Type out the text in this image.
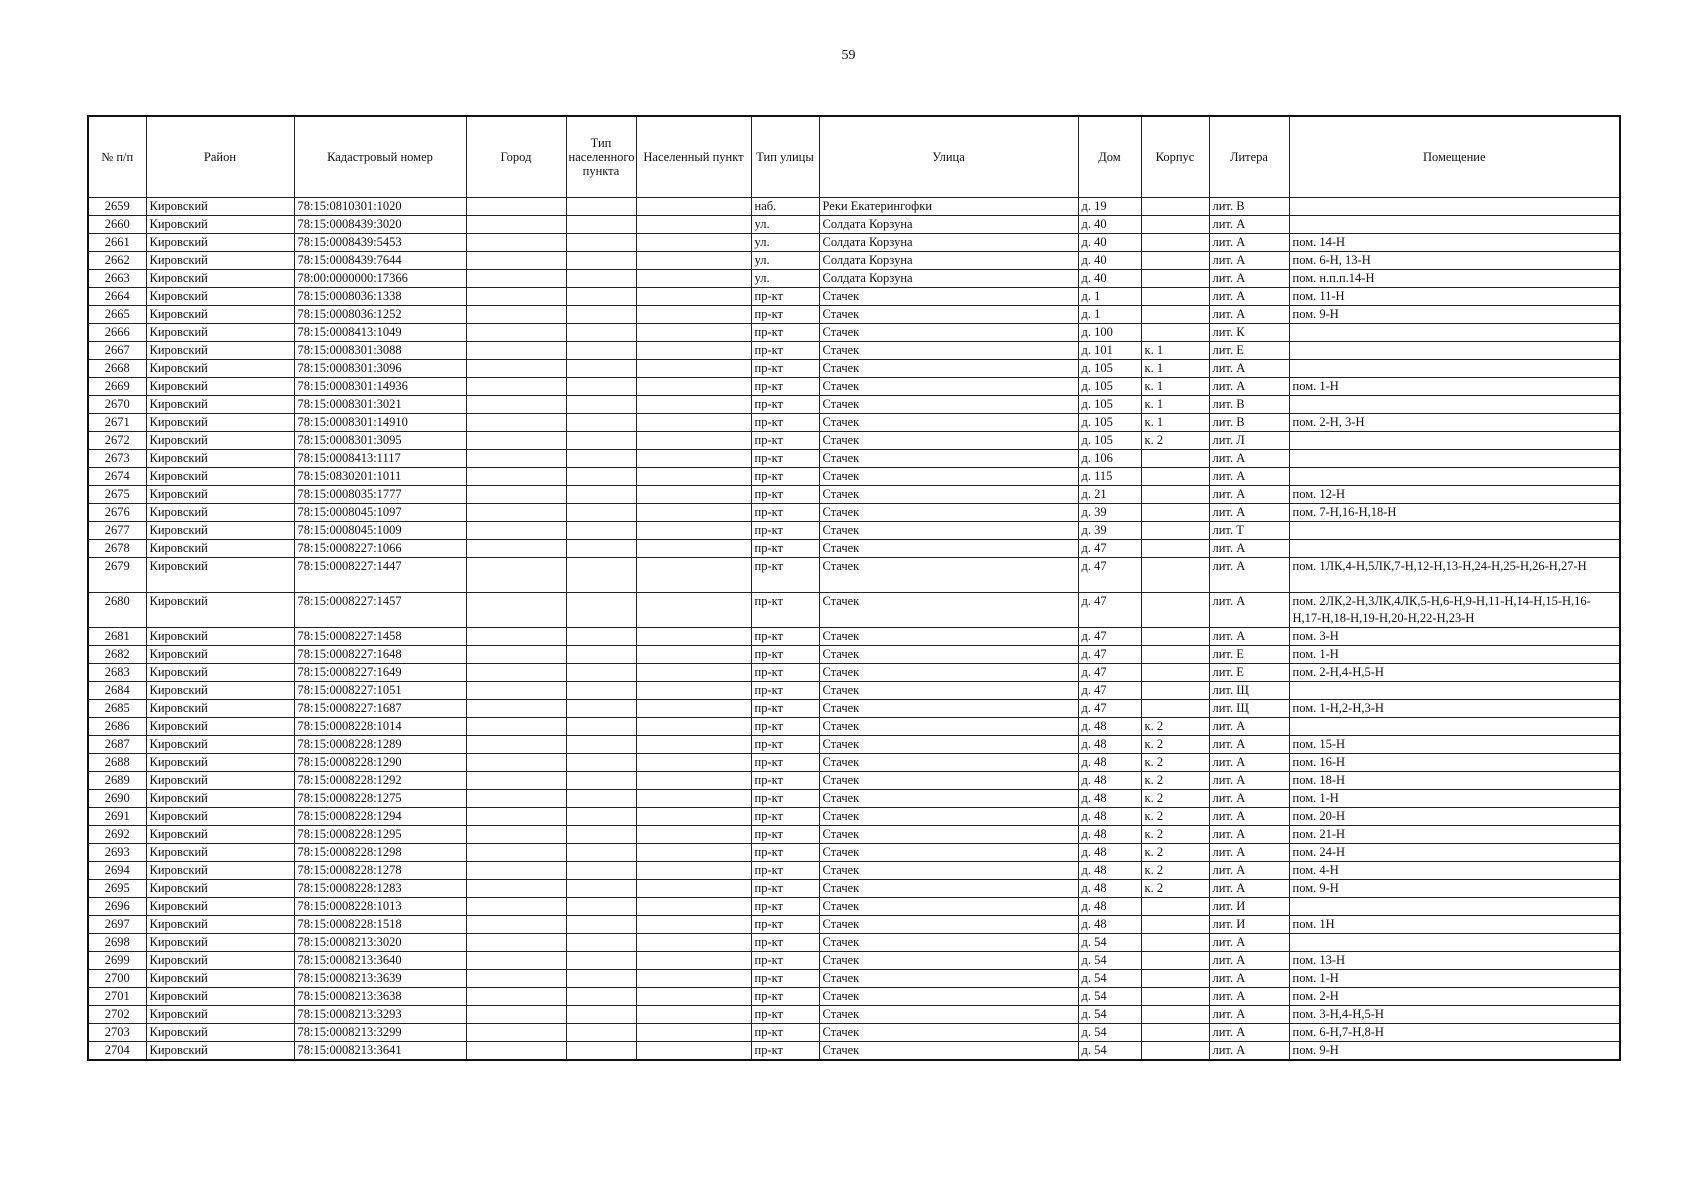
59
№ п/п	Район	Кадастровый номер	Город	Тип населенного пункта	Населенный пункт	Тип улицы	Улица	Дом	Корпус	Литера	Помещение
2659	Кировский	78:15:0810301:1020				наб.	Реки Екатерингофки	д. 19		лит. В	
2660	Кировский	78:15:0008439:3020				ул.	Солдата Корзуна	д. 40		лит. А	
2661	Кировский	78:15:0008439:5453				ул.	Солдата Корзуна	д. 40		лит. А	пом. 14-Н
2662	Кировский	78:15:0008439:7644				ул.	Солдата Корзуна	д. 40		лит. А	пом. 6-Н, 13-Н
2663	Кировский	78:00:0000000:17366				ул.	Солдата Корзуна	д. 40		лит. А	пом. н.п.п.14-Н
2664	Кировский	78:15:0008036:1338				пр-кт	Стачек	д. 1		лит. А	пом. 11-Н
2665	Кировский	78:15:0008036:1252				пр-кт	Стачек	д. 1		лит. А	пом. 9-Н
2666	Кировский	78:15:0008413:1049				пр-кт	Стачек	д. 100		лит. К	
2667	Кировский	78:15:0008301:3088				пр-кт	Стачек	д. 101	к. 1	лит. Е	
2668	Кировский	78:15:0008301:3096				пр-кт	Стачек	д. 105	к. 1	лит. А	
2669	Кировский	78:15:0008301:14936				пр-кт	Стачек	д. 105	к. 1	лит. А	пом. 1-Н
2670	Кировский	78:15:0008301:3021				пр-кт	Стачек	д. 105	к. 1	лит. В	
2671	Кировский	78:15:0008301:14910				пр-кт	Стачек	д. 105	к. 1	лит. В	пом. 2-Н, 3-Н
2672	Кировский	78:15:0008301:3095				пр-кт	Стачек	д. 105	к. 2	лит. Л	
2673	Кировский	78:15:0008413:1117				пр-кт	Стачек	д. 106		лит. А	
2674	Кировский	78:15:0830201:1011				пр-кт	Стачек	д. 115		лит. А	
2675	Кировский	78:15:0008035:1777				пр-кт	Стачек	д. 21		лит. А	пом. 12-Н
2676	Кировский	78:15:0008045:1097				пр-кт	Стачек	д. 39		лит. А	пом. 7-Н,16-Н,18-Н
2677	Кировский	78:15:0008045:1009				пр-кт	Стачек	д. 39		лит. Т	
2678	Кировский	78:15:0008227:1066				пр-кт	Стачек	д. 47		лит. А	
2679	Кировский	78:15:0008227:1447				пр-кт	Стачек	д. 47		лит. А	пом. 1ЛК,4-Н,5ЛК,7-Н,12-Н,13-Н,24-Н,25-Н,26-Н,27-Н
2680	Кировский	78:15:0008227:1457				пр-кт	Стачек	д. 47		лит. А	пом. 2ЛК,2-Н,3ЛК,4ЛК,5-Н,6-Н,9-Н,11-Н,14-Н,15-Н,16-Н,17-Н,18-Н,19-Н,20-Н,22-Н,23-Н
2681	Кировский	78:15:0008227:1458				пр-кт	Стачек	д. 47		лит. А	пом. 3-Н
2682	Кировский	78:15:0008227:1648				пр-кт	Стачек	д. 47		лит. Е	пом. 1-Н
2683	Кировский	78:15:0008227:1649				пр-кт	Стачек	д. 47		лит. Е	пом. 2-Н,4-Н,5-Н
2684	Кировский	78:15:0008227:1051				пр-кт	Стачек	д. 47		лит. Щ	
2685	Кировский	78:15:0008227:1687				пр-кт	Стачек	д. 47		лит. Щ	пом. 1-Н,2-Н,3-Н
2686	Кировский	78:15:0008228:1014				пр-кт	Стачек	д. 48	к. 2	лит. А	
2687	Кировский	78:15:0008228:1289				пр-кт	Стачек	д. 48	к. 2	лит. А	пом. 15-Н
2688	Кировский	78:15:0008228:1290				пр-кт	Стачек	д. 48	к. 2	лит. А	пом. 16-Н
2689	Кировский	78:15:0008228:1292				пр-кт	Стачек	д. 48	к. 2	лит. А	пом. 18-Н
2690	Кировский	78:15:0008228:1275				пр-кт	Стачек	д. 48	к. 2	лит. А	пом. 1-Н
2691	Кировский	78:15:0008228:1294				пр-кт	Стачек	д. 48	к. 2	лит. А	пом. 20-Н
2692	Кировский	78:15:0008228:1295				пр-кт	Стачек	д. 48	к. 2	лит. А	пом. 21-Н
2693	Кировский	78:15:0008228:1298				пр-кт	Стачек	д. 48	к. 2	лит. А	пом. 24-Н
2694	Кировский	78:15:0008228:1278				пр-кт	Стачек	д. 48	к. 2	лит. А	пом. 4-Н
2695	Кировский	78:15:0008228:1283				пр-кт	Стачек	д. 48	к. 2	лит. А	пом. 9-Н
2696	Кировский	78:15:0008228:1013				пр-кт	Стачек	д. 48		лит. И	
2697	Кировский	78:15:0008228:1518				пр-кт	Стачек	д. 48		лит. И	пом. 1Н
2698	Кировский	78:15:0008213:3020				пр-кт	Стачек	д. 54		лит. А	
2699	Кировский	78:15:0008213:3640				пр-кт	Стачек	д. 54		лит. А	пом. 13-Н
2700	Кировский	78:15:0008213:3639				пр-кт	Стачек	д. 54		лит. А	пом. 1-Н
2701	Кировский	78:15:0008213:3638				пр-кт	Стачек	д. 54		лит. А	пом. 2-Н
2702	Кировский	78:15:0008213:3293				пр-кт	Стачек	д. 54		лит. А	пом. 3-Н,4-Н,5-Н
2703	Кировский	78:15:0008213:3299				пр-кт	Стачек	д. 54		лит. А	пом. 6-Н,7-Н,8-Н
2704	Кировский	78:15:0008213:3641				пр-кт	Стачек	д. 54		лит. А	пом. 9-Н
